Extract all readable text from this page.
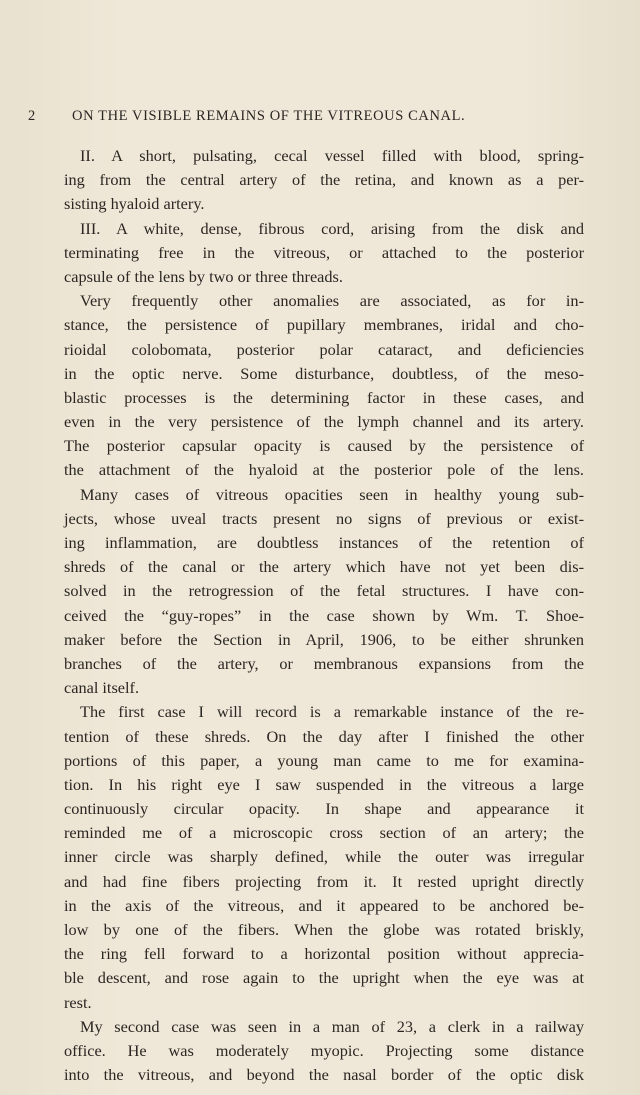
2 ON THE VISIBLE REMAINS OF THE VITREOUS CANAL.
II. A short, pulsating, cecal vessel filled with blood, spring-
ing from the central artery of the retina, and known as a per-
sisting hyaloid artery.
III. A white, dense, fibrous cord, arising from the disk and
terminating free in the vitreous, or attached to the posterior
capsule of the lens by two or three threads.
Very frequently other anomalies are associated, as for in-
stance, the persistence of pupillary membranes, iridal and cho-
rioidal colobomata, posterior polar cataract, and deficiencies
in the optic nerve. Some disturbance, doubtless, of the meso-
blastic processes is the determining factor in these cases, and
even in the very persistence of the lymph channel and its artery.
The posterior capsular opacity is caused by the persistence of
the attachment of the hyaloid at the posterior pole of the lens.
Many cases of vitreous opacities seen in healthy young sub-
jects, whose uveal tracts present no signs of previous or exist-
ing inflammation, are doubtless instances of the retention of
shreds of the canal or the artery which have not yet been dis-
solved in the retrogression of the fetal structures. I have con-
ceived the “guy-ropes” in the case shown by Wm. T. Shoe-
maker before the Section in April, 1906, to be either shrunken
branches of the artery, or membranous expansions from the
canal itself.
The first case I will record is a remarkable instance of the re-
tention of these shreds. On the day after I finished the other
portions of this paper, a young man came to me for examina-
tion. In his right eye I saw suspended in the vitreous a large
continuously circular opacity. In shape and appearance it
reminded me of a microscopic cross section of an artery; the
inner circle was sharply defined, while the outer was irregular
and had fine fibers projecting from it. It rested upright directly
in the axis of the vitreous, and it appeared to be anchored be-
low by one of the fibers. When the globe was rotated briskly,
the ring fell forward to a horizontal position without apprecia-
ble descent, and rose again to the upright when the eye was at
rest.
My second case was seen in a man of 23, a clerk in a railway
office. He was moderately myopic. Projecting some distance
into the vitreous, and beyond the nasal border of the optic disk
